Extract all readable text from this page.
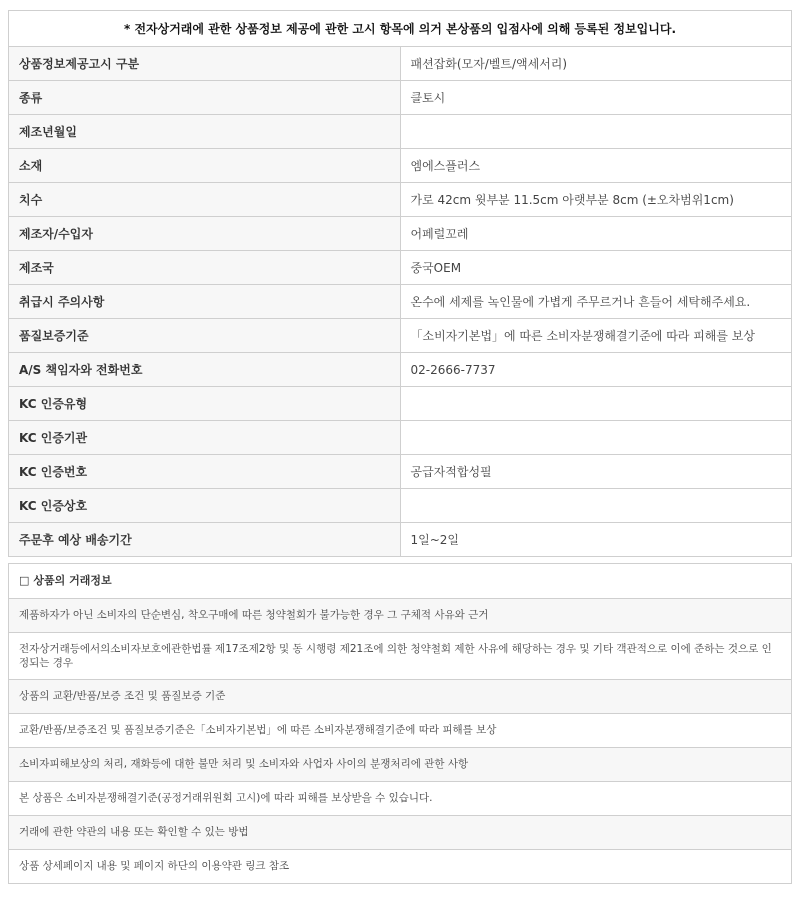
* 전자상거래에 관한 상품정보 제공에 관한 고시 항목에 의거 본상품의 입점사에 의해 등록된 정보입니다.	
상품정보제공고시 구분	패션잡화(모자/벨트/액세서리)
종류	클토시
제조년월일	
소재	엠에스플러스
치수	가로 42cm 윗부분 11.5cm 아랫부분 8cm (±오차범위1cm)
제조자/수입자	어페럴꼬레
제조국	중국OEM
취급시 주의사항	온수에 세제를 녹인물에 가볍게 주무르거나 흔들어 세탁해주세요.
품질보증기준	「소비자기본법」에 따른 소비자분쟁해결기준에 따라 피해를 보상
A/S 책임자와 전화번호	02-2666-7737
KC 인증유형	
KC 인증기관	
KC 인증번호	공급자적합성필
KC 인증상호	
주문후 예상 배송기간	1일~2일
□ 상품의 거래정보
제품하자가 아닌 소비자의 단순변심, 착오구매에 따른 청약철회가 불가능한 경우 그 구체적 사유와 근거
전자상거래등에서의소비자보호에관한법률 제17조제2항 및 동 시행령 제21조에 의한 청약철회 제한 사유에 해당하는 경우 및 기타 객관적으로 이에 준하는 것으로 인정되는 경우
상품의 교환/반품/보증 조건 및 품질보증 기준
교환/반품/보증조건 및 품질보증기준은「소비자기본법」에 따른 소비자분쟁해결기준에 따라 피해를 보상
소비자피해보상의 처리, 재화등에 대한 불만 처리 및 소비자와 사업자 사이의 분쟁처리에 관한 사항
본 상품은 소비자분쟁해결기준(공정거래위원회 고시)에 따라 피해를 보상받을 수 있습니다.
거래에 관한 약관의 내용 또는 확인할 수 있는 방법
상품 상세페이지 내용 및 페이지 하단의 이용약관 링크 참조
